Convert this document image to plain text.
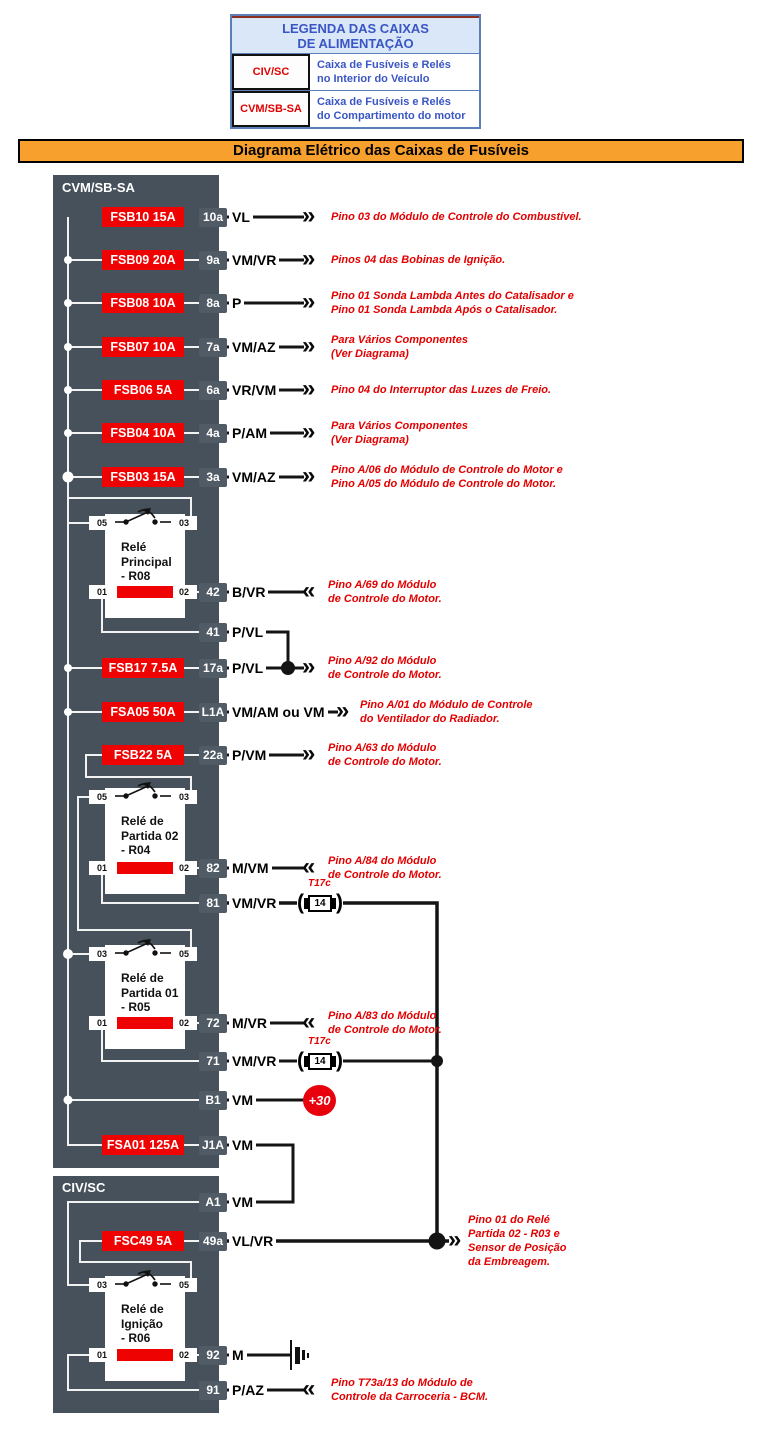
LEGENDA DAS CAIXAS
DE ALIMENTAÇÃO
CIV/SC
Caixa de Fusíveis e Relés
no Interior do Veículo
CVM/SB-SA
Caixa de Fusíveis e Relés
do Compartimento do motor
Diagrama Elétrico das Caixas de Fusíveis
CVM/SB-SA
CIV/SC
FSB10 15A
FSB09 20A
FSB08 10A
FSB07 10A
FSB06 5A
FSB04 10A
FSB03 15A
FSB17 7.5A
FSA05 50A
FSB22 5A
FSA01 125A
FSC49 5A
10a VL » Pino 03 do Módulo de Controle do Combustível.
9a VM/VR » Pinos 04 das Bobinas de Ignição.
8a P	» Pino 01 Sonda Lambda Antes do Catalisador e
Pino 01 Sonda Lambda Após o Catalisador.
7a VM/AZ » Para Vários Componentes
(Ver Diagrama)
6a VR/VM » Pino 04 do Interruptor das Luzes de Freio.
4a P/AM » Para Vários Componentes
(Ver Diagrama)
3a VM/AZ » Pino A/06 do Módulo de Controle do Motor e
Pino A/05 do Módulo de Controle do Motor.
42 B/VR « Pino A/69 do Módulo
de Controle do Motor.
41 P/VL
17a P/VL » Pino A/92 do Módulo
de Controle do Motor.
L1A VM/AM ou VM » Pino A/01 do Módulo de Controle
do Ventilador do Radiador.
22a P/VM » Pino A/63 do Módulo
de Controle do Motor.
82 M/VM « Pino A/84 do Módulo
de Controle do Motor.
81 VM/VR (	14 )
T17c
72 M/VR « Pino A/83 do Módulo
de Controle do Motor.
71 VM/VR (	14 )
T17c
B1 VM	+30
J1A VM
A1 VM
49a VL/VR	»
Pino 01 do Relé
Partida 02 - R03 e
Sensor de Posição
da Embreagem.
92 M
91 P/AZ « Pino T73a/13 do Módulo de
Controle da Carroceria - BCM.
Relé
Principal
- R08
05	03
01	02
Relé de
Partida 02
- R04
05	03
01	02
Relé de
Partida 01
- R05
03	05
01	02
Relé de
Ignição
- R06
03	05
01	02
